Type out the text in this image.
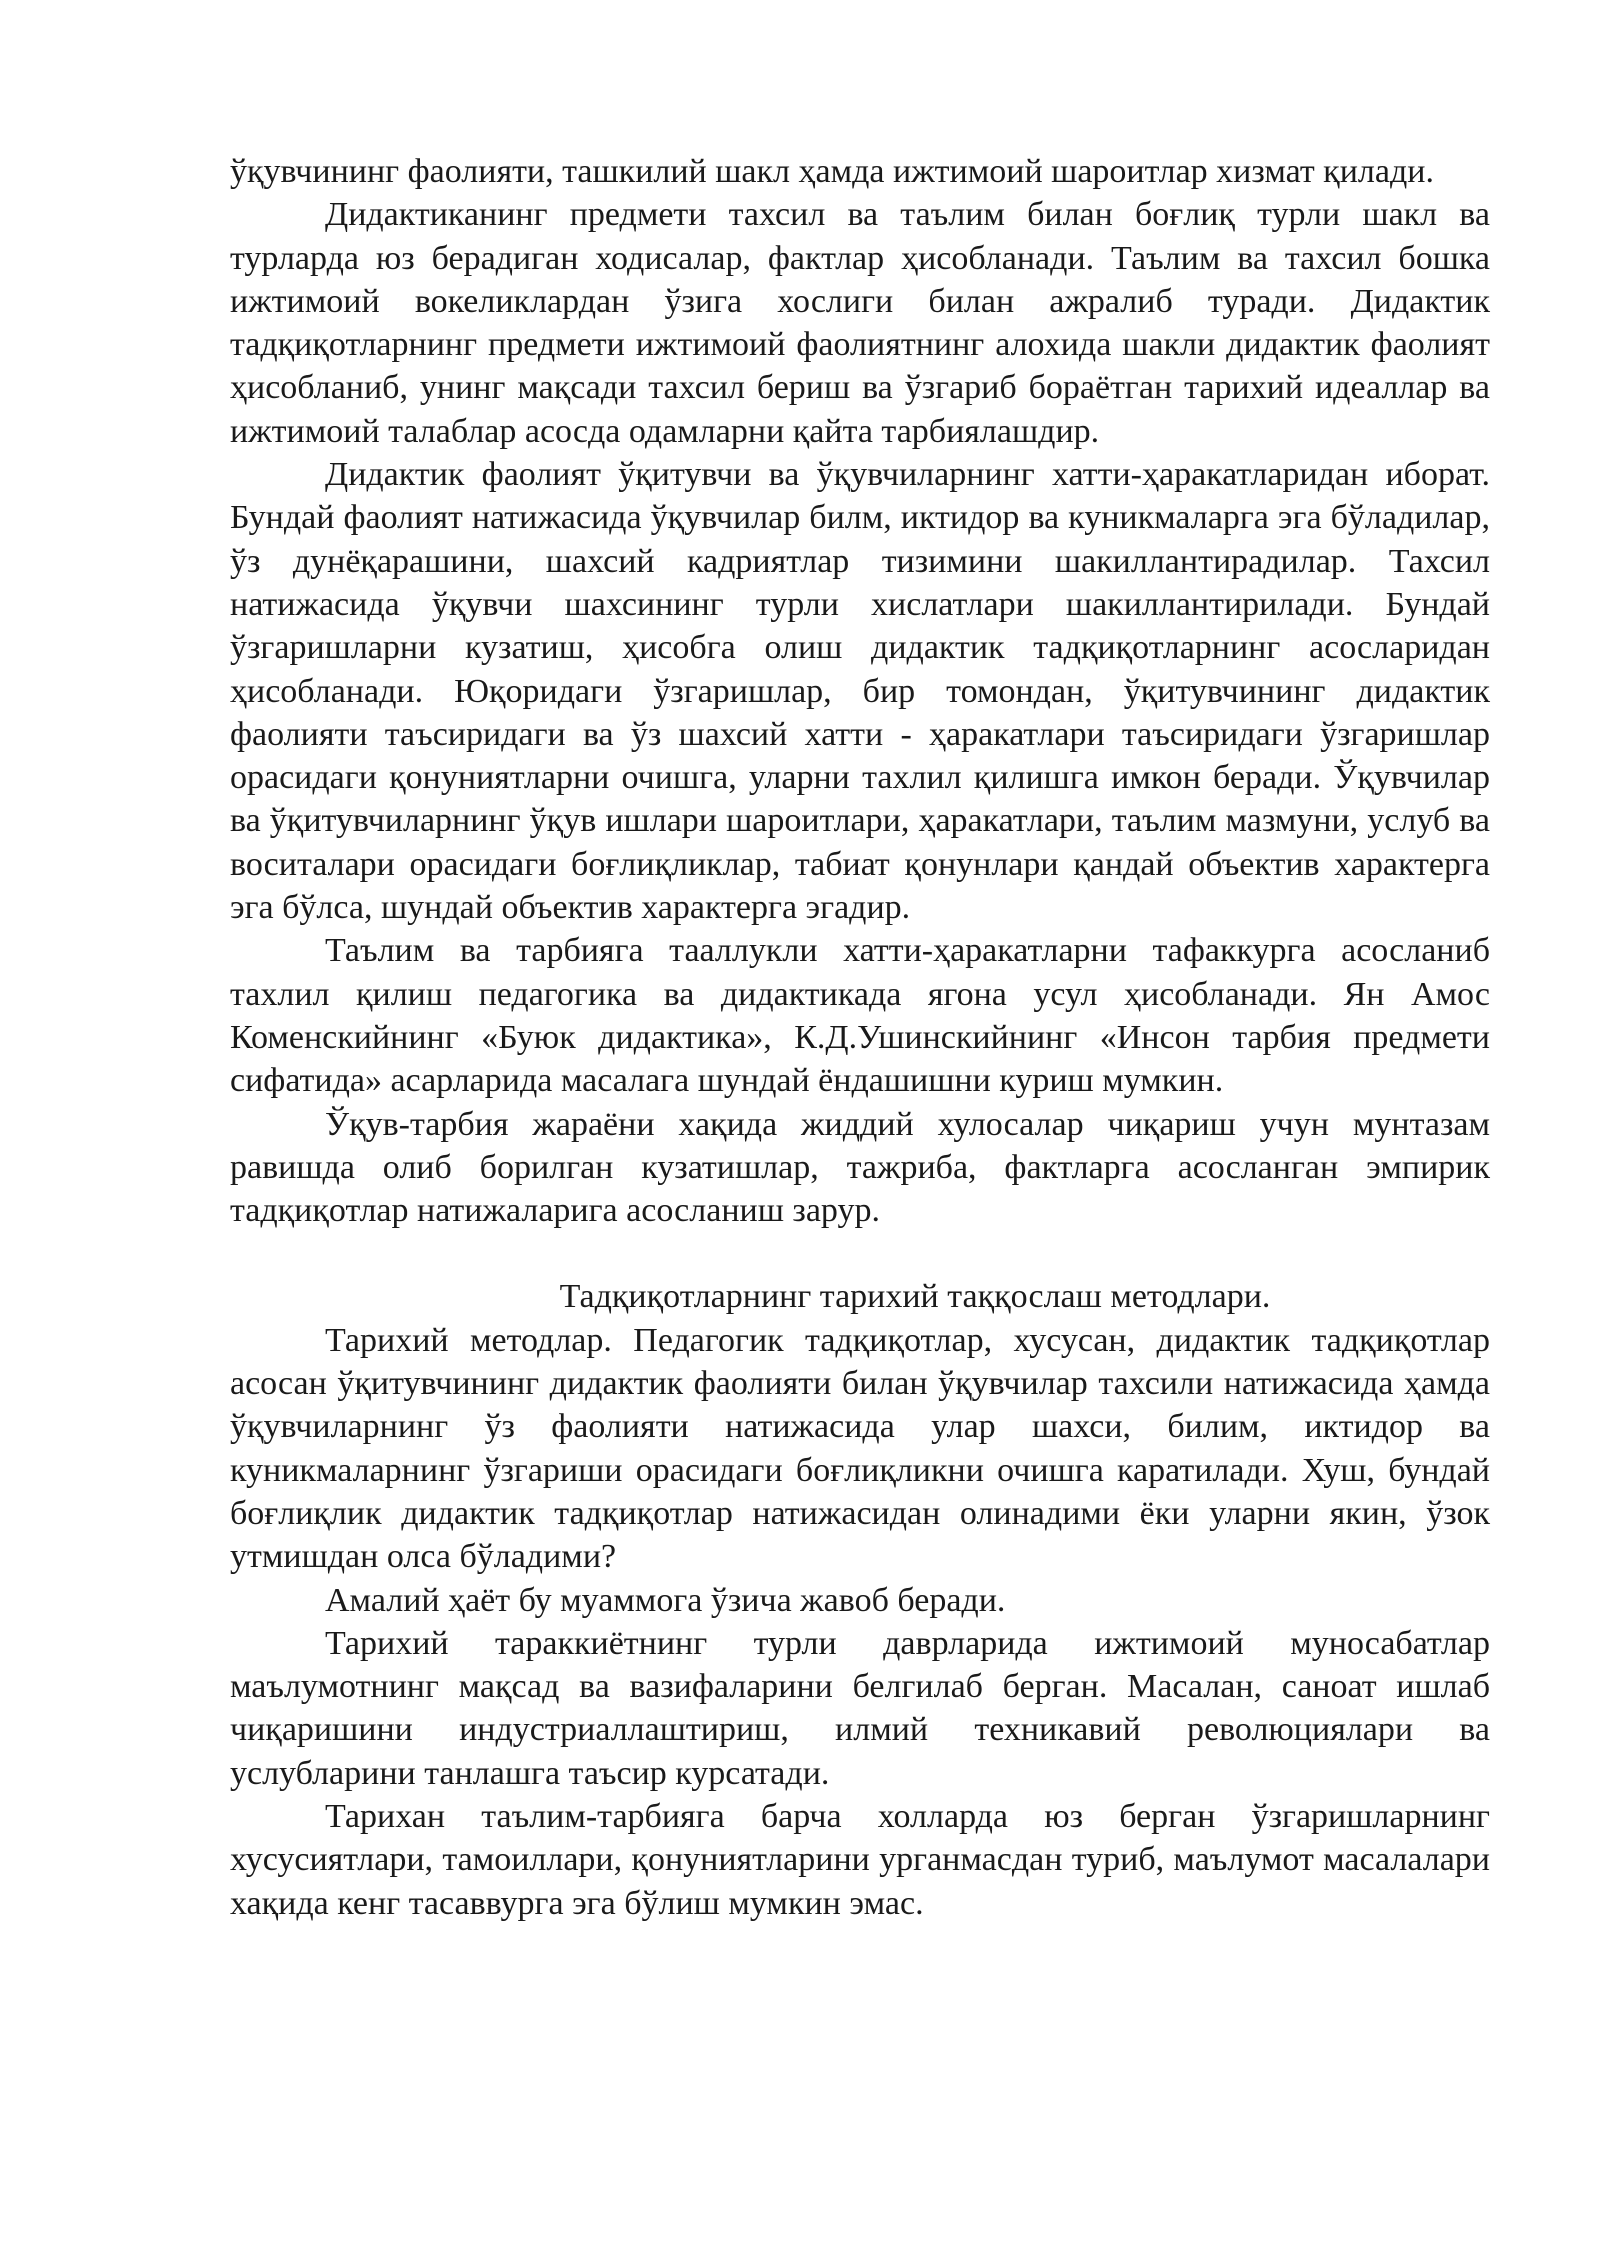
ўқувчининг фаолияти, ташкилий шакл ҳамда ижтимоий шароитлар хизмат қилади.

Дидактиканинг предмети тахсил ва таълим билан боғлиқ турли шакл ва турларда юз берадиган ходисалар, фактлар ҳисобланади. Таълим ва тахсил бошка ижтимоий вокеликлардан ўзига хослиги билан ажралиб туради. Дидактик тадқиқотларнинг предмети ижтимоий фаолиятнинг алохида шакли дидактик фаолият ҳисобланиб, унинг мақсади тахсил бериш ва ўзгариб бораётган тарихий идеаллар ва ижтимоий талаблар асосда одамларни қайта тарбиялашдир.

Дидактик фаолият ўқитувчи ва ўқувчиларнинг хатти-ҳаракатларидан иборат. Бундай фаолият натижасида ўқувчилар билм, иктидор ва куникмаларга эга бўладилар, ўз дунёқарашини, шахсий кадриятлар тизимини шакиллантирадилар. Тахсил натижасида ўқувчи шахсининг турли хислатлари шакиллантирилади. Бундай ўзгаришларни кузатиш, ҳисобга олиш дидактик тадқиқотларнинг асосларидан ҳисобланади. Юқоридаги ўзгаришлар, бир томондан, ўқитувчининг дидактик фаолияти таъсиридаги ва ўз шахсий хатти - ҳаракатлари таъсиридаги ўзгаришлар орасидаги қонуниятларни очишга, уларни тахлил қилишга имкон беради. Ўқувчилар ва ўқитувчиларнинг ўқув ишлари шароитлари, ҳаракатлари, таълим мазмуни, услуб ва воситалари орасидаги боғлиқликлар, табиат қонунлари қандай объектив характерга эга бўлса, шундай объектив характерга эгадир.

Таълим ва тарбияга тааллукли хатти-ҳаракатларни тафаккурга асосланиб тахлил қилиш педагогика ва дидактикада ягона усул ҳисобланади. Ян Амос Коменскийнинг «Буюк дидактика», К.Д.Ушинскийнинг «Инсон тарбия предмети сифатида» асарларида масалага шундай ёндашишни куриш мумкин.

Ўқув-тарбия жараёни хақида жиддий хулосалар чиқариш учун мунтазам равишда олиб борилган кузатишлар, тажриба, фактларга асосланган эмпирик тадқиқотлар натижаларига асосланиш зарур.

Тадқиқотларнинг тарихий таққослаш методлари.

Тарихий методлар. Педагогик тадқиқотлар, хусусан, дидактик тадқиқотлар асосан ўқитувчининг дидактик фаолияти билан ўқувчилар тахсили натижасида ҳамда ўқувчиларнинг ўз фаолияти натижасида улар шахси, билим, иктидор ва куникмаларнинг ўзгариши орасидаги боғлиқликни очишга каратилади. Хуш, бундай боғлиқлик дидактик тадқиқотлар натижасидан олинадими ёки уларни якин, ўзок утмишдан олса бўладими?

Амалий ҳаёт бу муаммога ўзича жавоб беради.

Тарихий тараккиётнинг турли даврларида ижтимоий муносабатлар маълумотнинг мақсад ва вазифаларини белгилаб берган. Масалан, саноат ишлаб чиқаришини индустриаллаштириш, илмий техникавий революциялари ва услубларини танлашга таъсир курсатади.

Тарихан таълим-тарбияга барча холларда юз берган ўзгаришларнинг хусусиятлари, тамоиллари, қонуниятларини урганмасдан туриб, маълумот масалалари хақида кенг тасаввурга эга бўлиш мумкин эмас.
